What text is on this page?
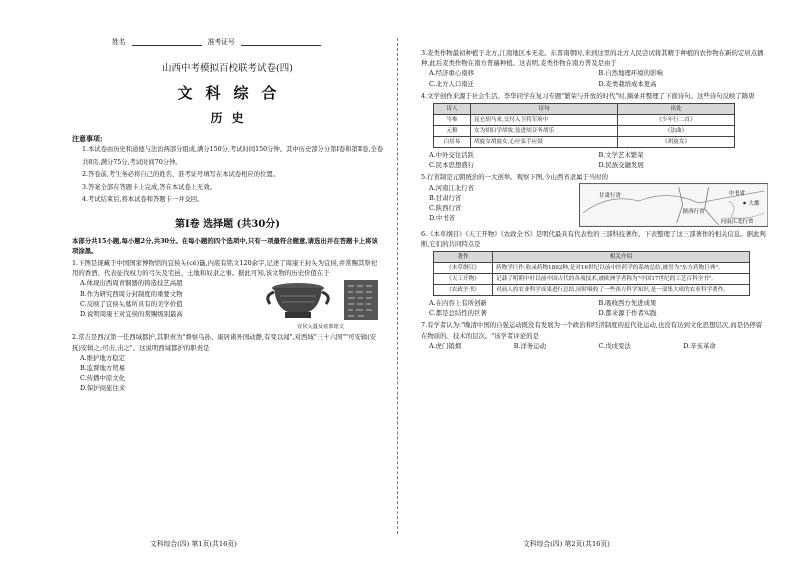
姓名	准考证号
山西中考模拟百校联考试卷(四)
文科综合
历史
注意事项:
1.本试卷由历史和道德与法治两部分组成,满分150分,考试时间150分钟。其中历史部分分第Ⅰ卷和第Ⅱ卷,全卷共8页,满分75分,考试时间70分钟。
2.答卷前,考生务必将自己的姓名、准考证号填写在本试卷相应的位置。
3.答案全部在答题卡上完成,答在本试卷上无效。
4.考试结束后,将本试卷和答题卡一并交回。
第Ⅰ卷 选择题 (共30分)
本部分共15小题,每小题2分,共30分。在每小题的四个选项中,只有一项最符合题意,请选出并在答题卡上将该项涂黑。
1.下图是现藏于中国国家博物馆的宜侯夨(cè)簋,内底有铭文120余字,记述了周康王封夨为宜侯,并赏赐其祭祀用的香酒、代表征伐权力的弓矢及宅邑、土地和奴隶之事。据此可知,该文物的历史价值在于
A.体现出西周青铜器的铸造技艺高超
B.作为研究西周分封制度的重要文物
C.反映了宜侯夨墓所具有的美学价值
D.说明周康王对宜侯的赏赐级别最高
宜侯夨簋及底部铭文
2.常吉是西汉第一任西域都护,其职责为"督察乌孙、康居诸外国动静,有变以闻",对西域"三十六国""可安辑(安抚)安辑之;可击,击之"。这说明西域都护的职责是
A.维护地方稳定
B.监督地方贸易
C.传播中原文化
D.保护商旅往来
文科综合(四) 第1页(共16页)
3.麦类作物最初种植于北方,江南地区本无麦。东晋南朝时,来到这里的北方人民尝试将其精于种植的农作物在新的定居点播种,此后麦类作物在南方普遍种植。这表明,麦类作物在南方普及是由于
A.经济重心南移	B.自然地理环境的影响
C.北方人口南迁	D.麦类栽培成本更高
4.文学创作来源于社会生活。李华同学在复习专题"繁荣与开放的时代"时,摘录并整理了下面诗句。这些诗句反映了隋唐
诗人	诗句	出处
岑参	昆仑胡马来,交付入卫将军府中	《少年行二首》
元稹	女为胡妇学胡妆,伎进胡音务胡乐	《法曲》
白居易	胡旋女胡旋女,心应弦手应鼓	《胡旋女》
A.中外交往活跃	B.文学艺术繁荣
C.民本思想盛行	D.民族交融发展
5.行省制是元朝统治的一大创举。观察下图,今山西省隶属于当时的
A.河南江北行省
B.甘肃行省
C.陕西行省
D.中书省
甘肃行省	中书省
陕西行省
河南江北行省
大都
6.《本草纲目》《天工开物》《农政全书》是明代最具有代表性的三部科技著作。下表整理了这三部著作的相关信息。据此判断,它们的共同特点是
著作	相关介绍
《本草纲目》	药物学巨作,收录药物1892种,是对16世纪以前中医药学的系统总结,被誉为"东方药物巨典"。
《天工开物》	记载了明朝中叶以前中国古代的各项技术,被欧洲学者称为"中国17世纪的工艺百科全书"。
《农政全书》	对前人的农业科学成果进行总结,同时吸收了一些西方科学知识,是一部集大成的农业科学著作。
A.在内容上有所创新	B.吸收西方先进成果
C.都是总结性的巨著	D.都来源于作者实践
7.有学者认为:"晚清中国的自强运动既没有发展为一个政治和经济制度的近代化运动,也没有达到文化思想层次,而是仍停留在物质的、技术的层次。"该学者评论的是
A.虎门销烟	B.洋务运动	C.戊戌变法	D.辛亥革命
文科综合(四) 第2页(共16页)
